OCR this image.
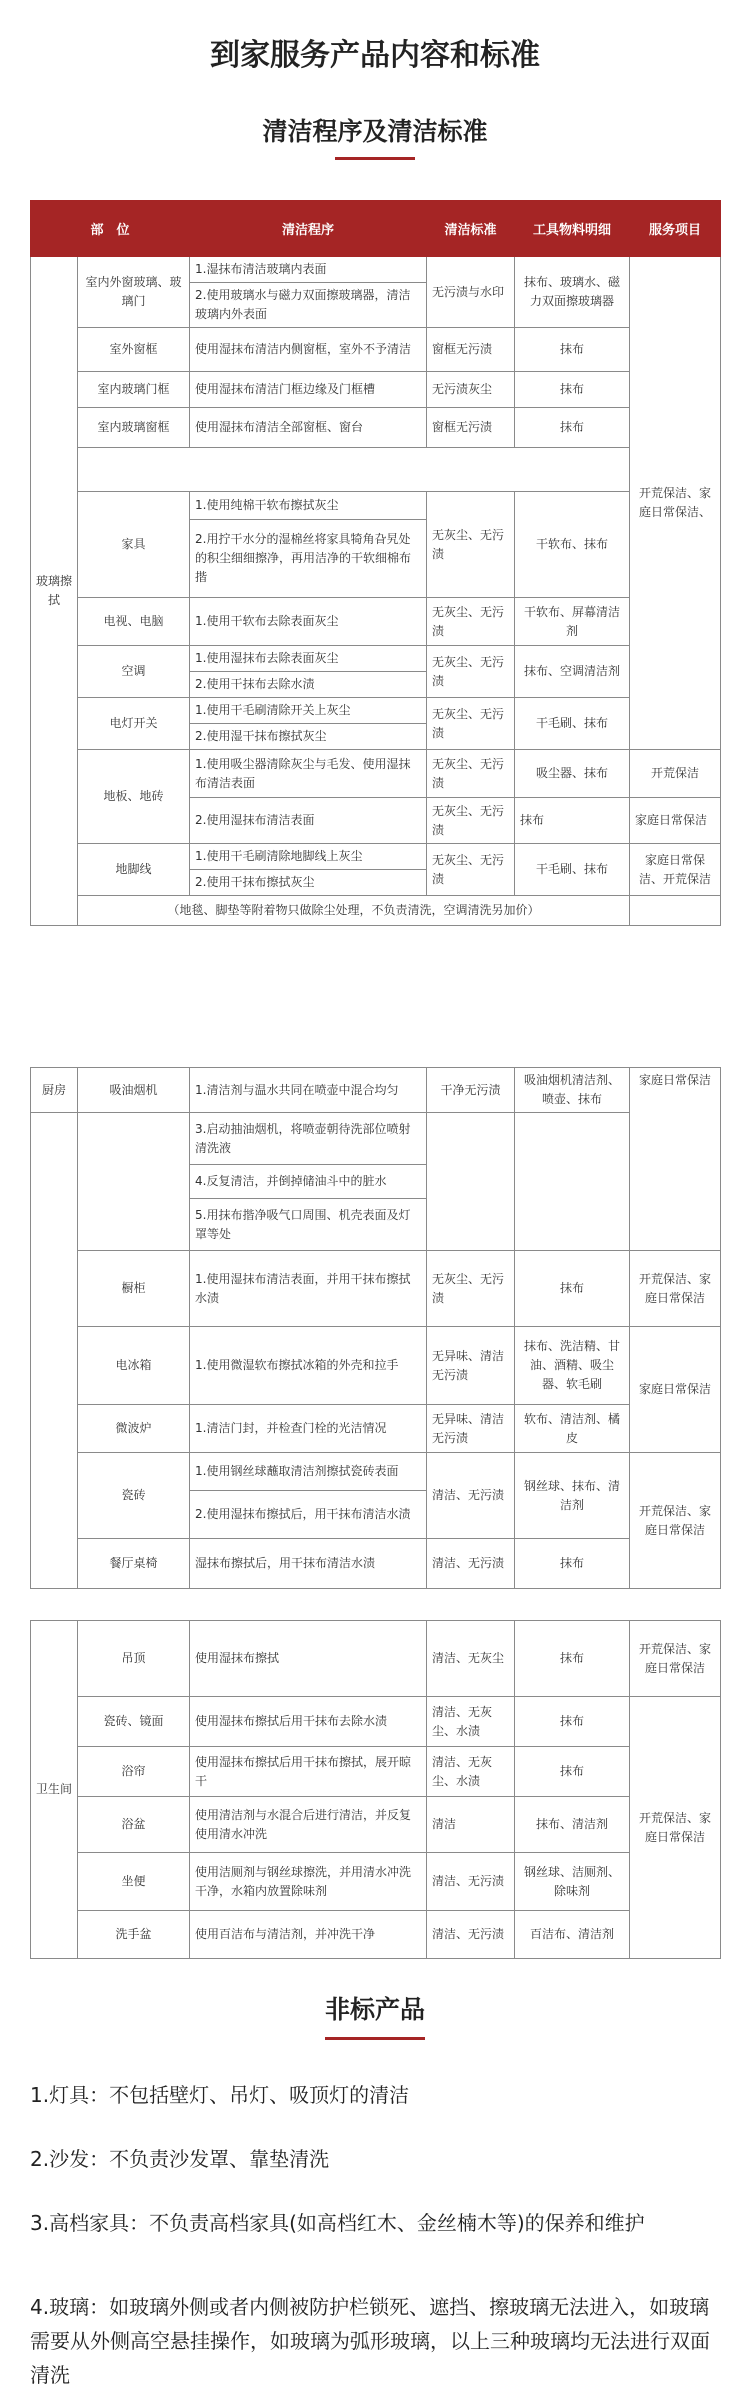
到家服务产品内容和标准
清洁程序及清洁标准
部　位		清洁程序	清洁标准	工具物料明细	服务项目
玻璃擦拭	室内外窗玻璃、玻璃门	1.湿抹布清洁玻璃内表面	无污渍与水印	抹布、玻璃水、磁力双面擦玻璃器	开荒保洁、家庭日常保洁、
		2.使用玻璃水与磁力双面擦玻璃器，清洁玻璃内外表面			
	室外窗框	使用湿抹布清洁内侧窗框，室外不予清洁	窗框无污渍	抹布	
	室内玻璃门框	使用湿抹布清洁门框边缘及门框槽	无污渍灰尘	抹布	
	室内玻璃窗框	使用湿抹布清洁全部窗框、窗台	窗框无污渍	抹布	

	家具	1.使用纯棉干软布擦拭灰尘	无灰尘、无污渍	干软布、抹布	
		2.用拧干水分的湿棉丝将家具犄角旮旯处的积尘细细擦净，再用洁净的干软细棉布揩			
	电视、电脑	1.使用干软布去除表面灰尘	无灰尘、无污渍	干软布、屏幕清洁剂	
	空调	1.使用湿抹布去除表面灰尘	无灰尘、无污渍	抹布、空调清洁剂	
		2.使用干抹布去除水渍			
	电灯开关	1.使用干毛刷清除开关上灰尘	无灰尘、无污渍	干毛刷、抹布	
		2.使用湿干抹布擦拭灰尘			
	地板、地砖	1.使用吸尘器清除灰尘与毛发、使用湿抹布清洁表面	无灰尘、无污渍	吸尘器、抹布	开荒保洁
		2.使用湿抹布清洁表面	无灰尘、无污渍	抹布	家庭日常保洁
	地脚线	1.使用干毛刷清除地脚线上灰尘	无灰尘、无污渍	干毛刷、抹布	家庭日常保洁、开荒保洁
		2.使用干抹布擦拭灰尘			
	（地毯、脚垫等附着物只做除尘处理，不负责清洗，空调清洗另加价）				
厨房	吸油烟机	1.清洁剂与温水共同在喷壶中混合均匀	干净无污渍	吸油烟机清洁剂、喷壶、抹布	家庭日常保洁
		3.启动抽油烟机，将喷壶朝待洗部位喷射清洗液			
		4.反复清洁，并倒掉储油斗中的脏水			
		5.用抹布揩净吸气口周围、机壳表面及灯罩等处			
	橱柜	1.使用湿抹布清洁表面，并用干抹布擦拭水渍	无灰尘、无污渍	抹布	开荒保洁、家庭日常保洁
	电冰箱	1.使用微湿软布擦拭冰箱的外壳和拉手	无异味、清洁无污渍	抹布、洗洁精、甘油、酒精、吸尘器、软毛刷	家庭日常保洁
	微波炉	1.清洁门封，并检查门栓的光洁情况	无异味、清洁无污渍	软布、清洁剂、橘皮	
	瓷砖	1.使用钢丝球蘸取清洁剂擦拭瓷砖表面	清洁、无污渍	钢丝球、抹布、清洁剂	开荒保洁、家庭日常保洁
		2.使用湿抹布擦拭后，用干抹布清洁水渍			
	餐厅桌椅	湿抹布擦拭后，用干抹布清洁水渍	清洁、无污渍	抹布	
卫生间	吊顶	使用湿抹布擦拭	清洁、无灰尘	抹布	开荒保洁、家庭日常保洁
	瓷砖、镜面	使用湿抹布擦拭后用干抹布去除水渍	清洁、无灰尘、水渍	抹布	开荒保洁、家庭日常保洁
	浴帘	使用湿抹布擦拭后用干抹布擦拭，展开晾干	清洁、无灰尘、水渍	抹布	
	浴盆	使用清洁剂与水混合后进行清洁，并反复使用清水冲洗	清洁	抹布、清洁剂	
	坐便	使用洁厕剂与钢丝球擦洗，并用清水冲洗干净，水箱内放置除味剂	清洁、无污渍	钢丝球、洁厕剂、除味剂	
	洗手盆	使用百洁布与清洁剂，并冲洗干净	清洁、无污渍	百洁布、清洁剂	
非标产品
1.灯具：不包括壁灯、吊灯、吸顶灯的清洁
2.沙发：不负责沙发罩、靠垫清洗
3.高档家具：不负责高档家具(如高档红木、金丝楠木等)的保养和维护
4.玻璃：如玻璃外侧或者内侧被防护栏锁死、遮挡、擦玻璃无法进入，如玻璃需要从外侧高空悬挂操作，如玻璃为弧形玻璃，以上三种玻璃均无法进行双面清洗
